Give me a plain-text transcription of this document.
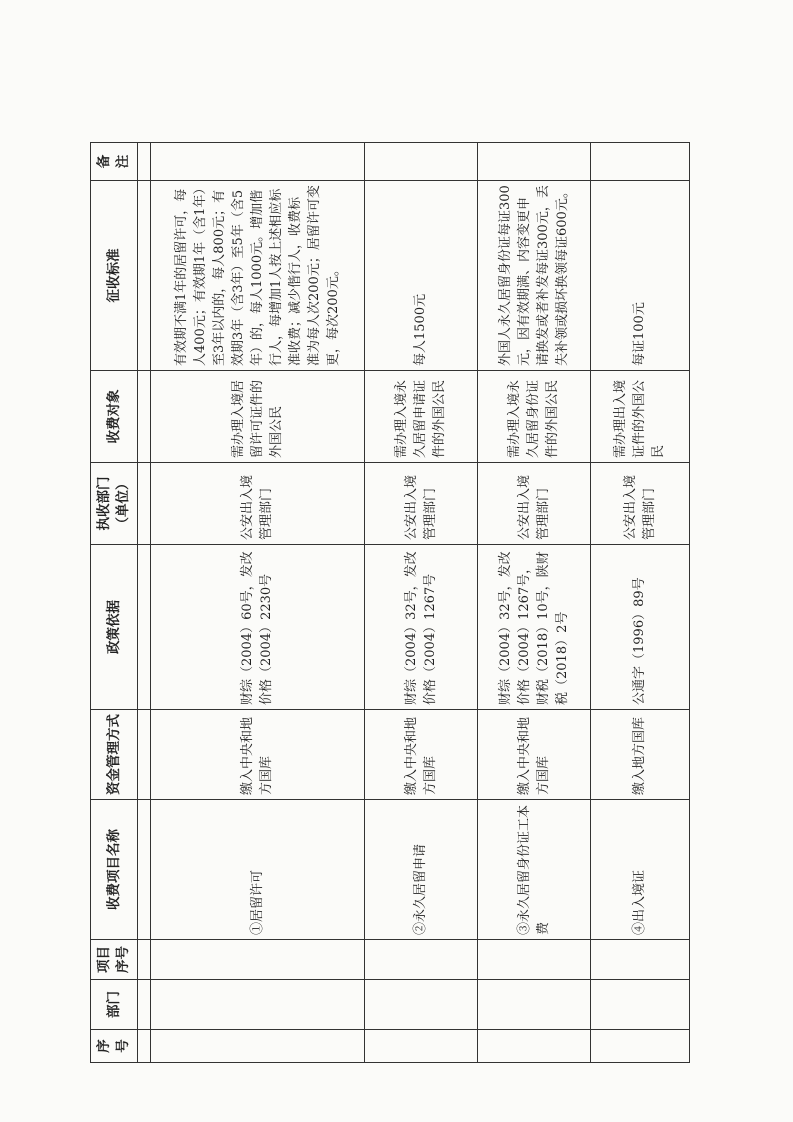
序号	部门	项目序号	收费项目名称	资金管理方式	政策依据	执收部门（单位）	收费对象	征收标准	备 注

			①居留许可	缴入中央和地方国库	财综（2004）60号，发改价格（2004）2230号	公安出入境管理部门	需办理入境居留许可证件的外国公民	有效期不满1年的居留许可，每人400元；有效期1年（含1年）至3年以内的，每人800元；有效期3年（含3年）至5年（含5年）的，每人1000元。增加偕行人，每增加1人按上述相应标准收费；减少偕行人，收费标准为每人次200元；居留许可变更，每次200元。	
			②永久居留申请	缴入中央和地方国库	财综（2004）32号，发改价格（2004）1267号	公安出入境管理部门	需办理入境永久居留申请证件的外国公民	每人1500元	
			③永久居留身份证工本费	缴入中央和地方国库	财综（2004）32号，发改价格（2004）1267号，财税（2018）10号，陕财税（2018）2号	公安出入境管理部门	需办理入境永久居留身份证件的外国公民	外国人永久居留身份证每证300元，因有效期满、内容变更申请换发或者补发每证300元，丢失补领或损坏换领每证600元。	
			④出入境证	缴入地方国库	公通字（1996）89号	公安出入境管理部门	需办理出入境证件的外国公民	每证100元	
